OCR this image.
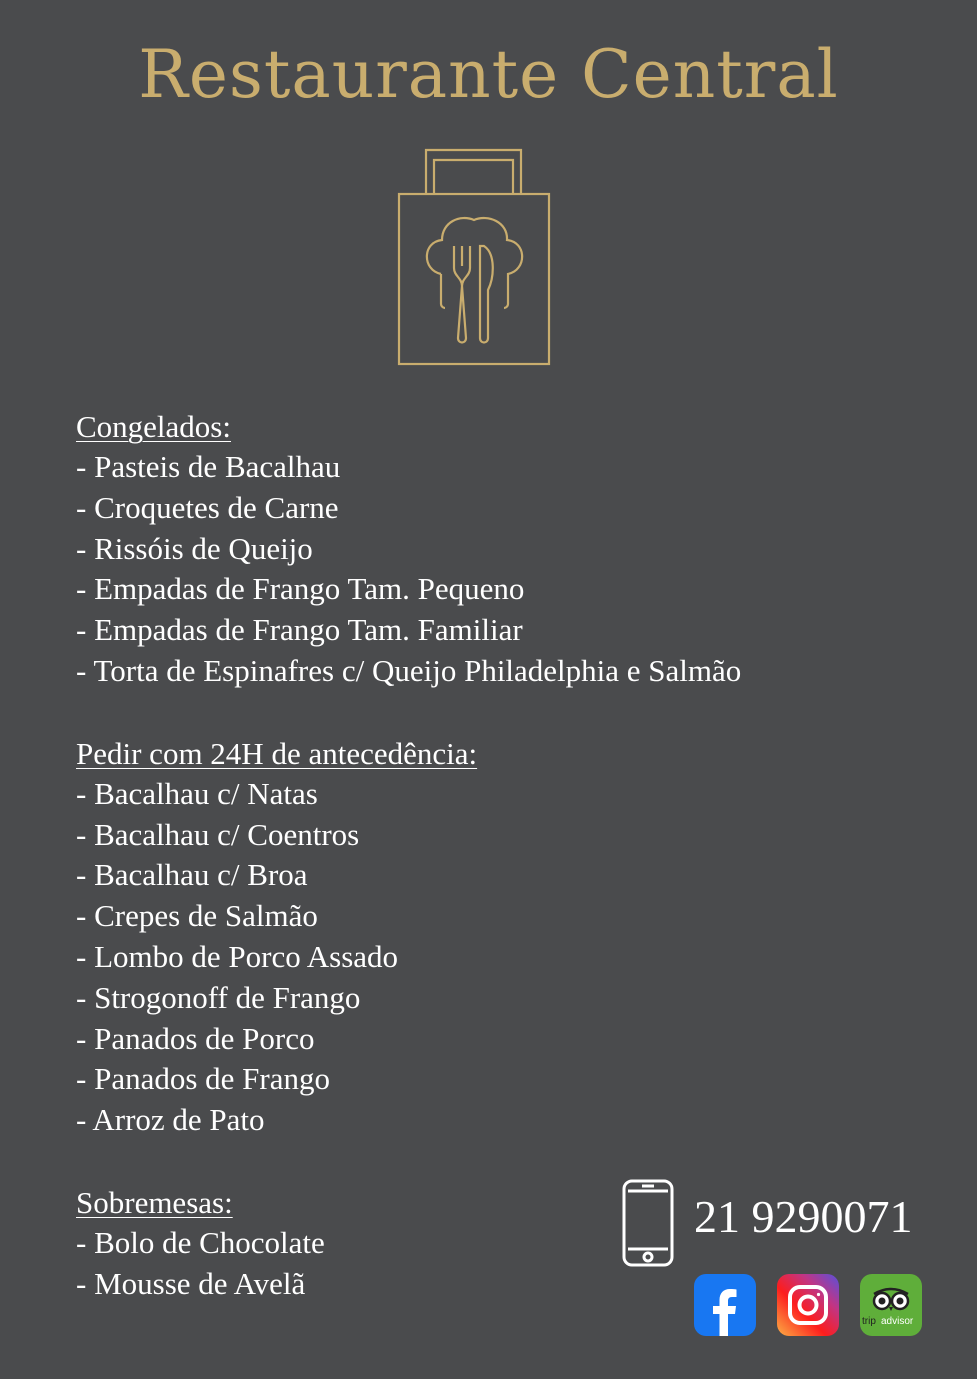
Restaurante Central
Congelados:
- Pasteis de Bacalhau
- Croquetes de Carne
- Rissóis de Queijo
- Empadas de Frango Tam. Pequeno
- Empadas de Frango Tam. Familiar
- Torta de Espinafres c/ Queijo Philadelphia e Salmão
Pedir com 24H de antecedência:
- Bacalhau c/ Natas
- Bacalhau c/ Coentros
- Bacalhau c/ Broa
- Crepes de Salmão
- Lombo de Porco Assado
- Strogonoff de Frango
- Panados de Porco
- Panados de Frango
- Arroz de Pato
Sobremesas:
- Bolo de Chocolate
- Mousse de Avelã
21 9290071
trip advisor
